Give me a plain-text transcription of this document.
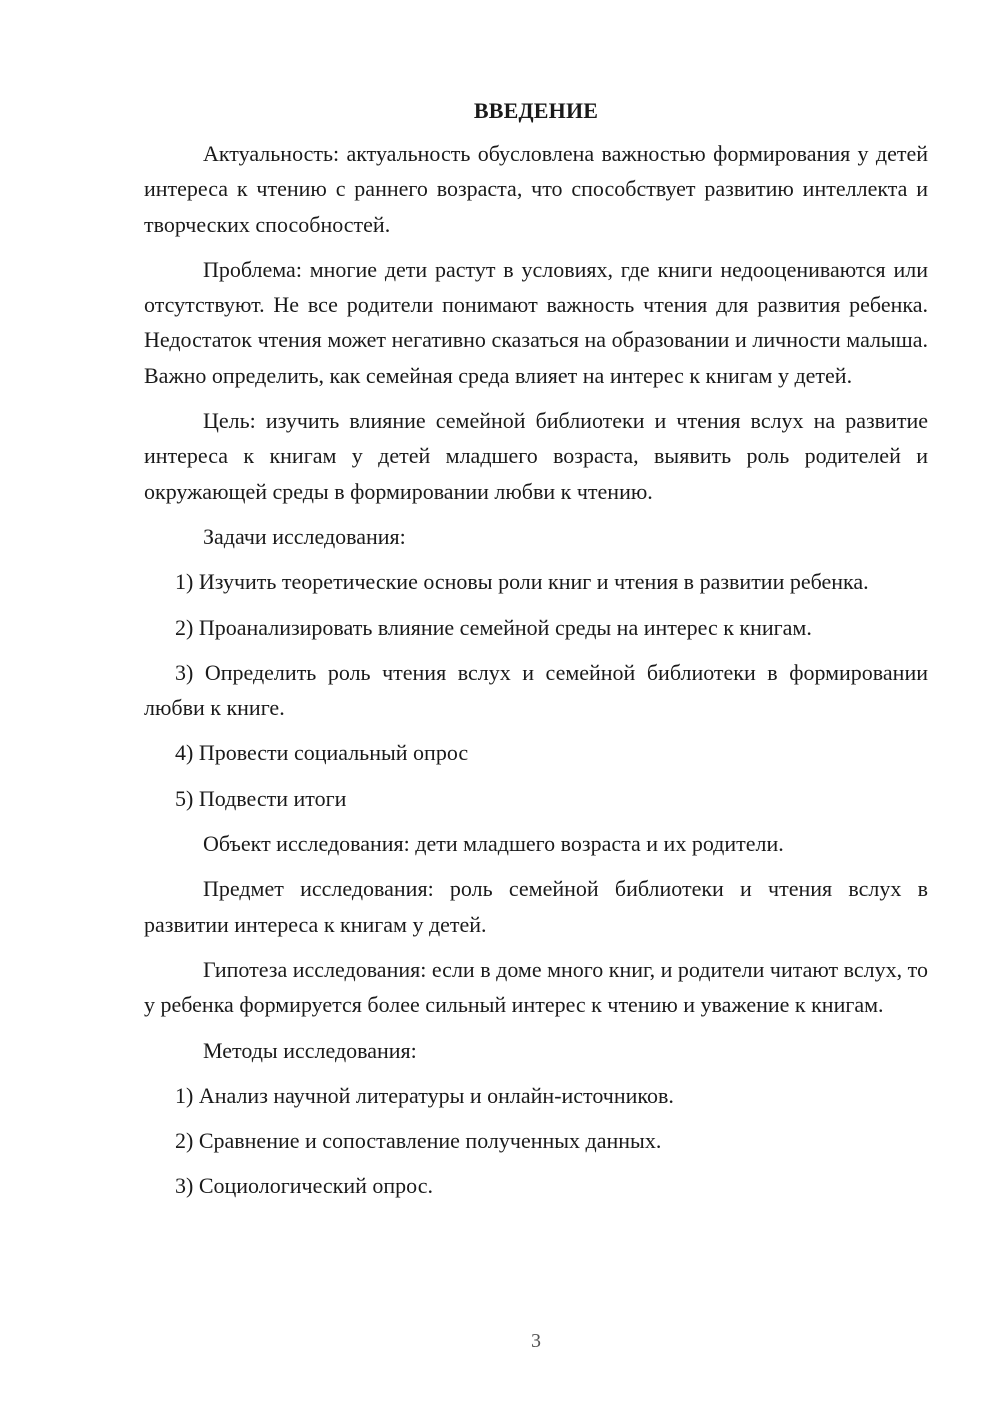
ВВЕДЕНИЕ

Актуальность: актуальность обусловлена важностью формирования у детей интереса к чтению с раннего возраста, что способствует развитию интеллекта и творческих способностей.

Проблема: многие дети растут в условиях, где книги недооцениваются или отсутствуют. Не все родители понимают важность чтения для развития ребенка. Недостаток чтения может негативно сказаться на образовании и личности малыша. Важно определить, как семейная среда влияет на интерес к книгам у детей.

Цель: изучить влияние семейной библиотеки и чтения вслух на развитие интереса к книгам у детей младшего возраста, выявить роль родителей и окружающей среды в формировании любви к чтению.

Задачи исследования:

1) Изучить теоретические основы роли книг и чтения в развитии ребенка.

2) Проанализировать влияние семейной среды на интерес к книгам.

3) Определить роль чтения вслух и семейной библиотеки в формировании любви к книге.

4) Провести социальный опрос

5) Подвести итоги

Объект исследования: дети младшего возраста и их родители.

Предмет исследования: роль семейной библиотеки и чтения вслух в развитии интереса к книгам у детей.

Гипотеза исследования: если в доме много книг, и родители читают вслух, то у ребенка формируется более сильный интерес к чтению и уважение к книгам.

Методы исследования:

1) Анализ научной литературы и онлайн-источников.

2) Сравнение и сопоставление полученных данных.

3) Социологический опрос.

3
